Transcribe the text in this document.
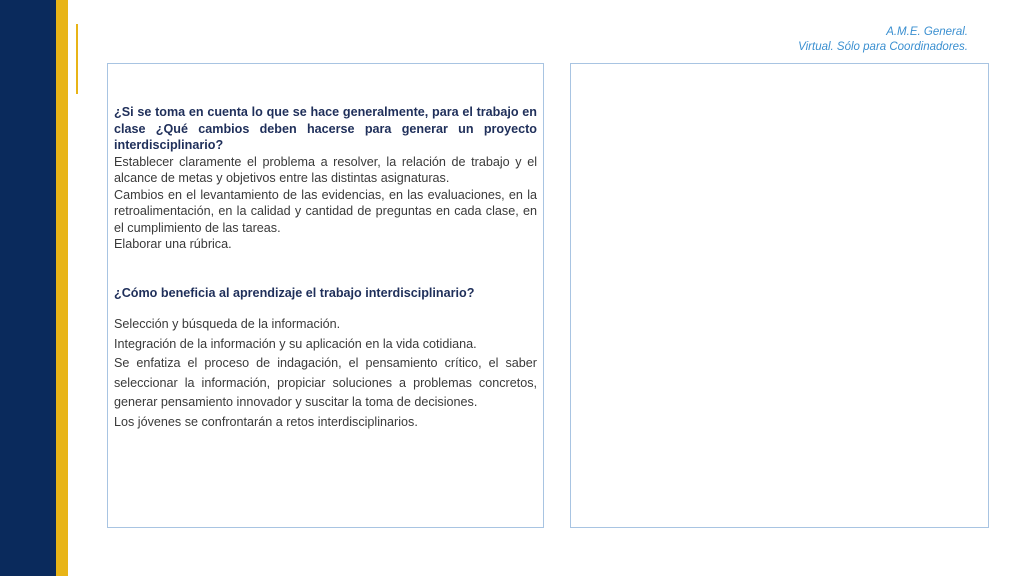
A.M.E. General.
Virtual. Sólo para Coordinadores.

¿Si se toma en cuenta lo que se hace generalmente, para el trabajo en clase ¿Qué cambios deben hacerse para generar un proyecto interdisciplinario?

Establecer claramente el problema a resolver, la relación de trabajo y el alcance de metas y objetivos entre las distintas asignaturas.

Cambios en el levantamiento de las evidencias, en las evaluaciones, en la retroalimentación, en la calidad y cantidad de preguntas en cada clase, en el cumplimiento de las tareas.

Elaborar una rúbrica.

¿Cómo beneficia al aprendizaje el trabajo interdisciplinario?

Selección y búsqueda de la información.

Integración de la información y su aplicación en la vida cotidiana.

Se enfatiza el proceso de indagación, el pensamiento crítico, el saber seleccionar la información, propiciar soluciones a problemas concretos, generar pensamiento innovador y suscitar la toma de decisiones.

Los jóvenes se confrontarán a retos interdisciplinarios.
